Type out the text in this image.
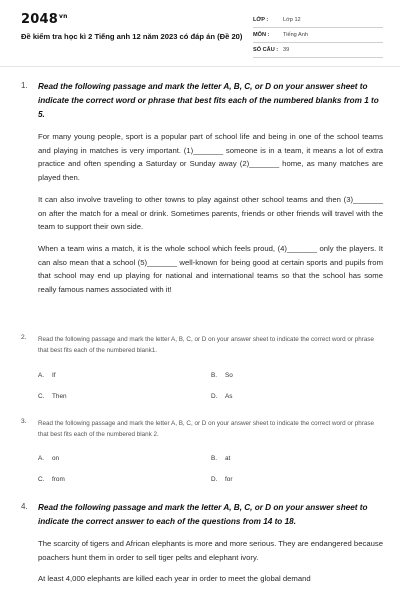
$2048^{vn}$
Đề kiểm tra học kì 2 Tiếng anh 12 năm 2023 có đáp án (Đề 20)
LỚP :	Lớp 12
MÔN : Tiếng Anh
SỐ CÂU : 39
1. Read the following passage and mark the letter A, B, C, or D on your answer sheet to indicate the correct word or phrase that best fits each of the numbered blanks from 1 to 5.

For many young people, sport is a popular part of school life and being in one of the school teams and playing in matches is very important. (1)_______ someone is in a team, it means a lot of extra practice and often spending a Saturday or Sunday away (2)_______ home, as many matches are played then.

It can also involve traveling to other towns to play against other school teams and then (3)_______ on after the match for a meal or drink. Sometimes parents, friends or other friends will travel with the team to support their own side.

When a team wins a match, it is the whole school which feels proud, (4)_______ only the players. It can also mean that a school (5)_______ well-known for being good at certain sports and pupils from that school may end up playing for national and international teams so that the school has some really famous names associated with it!

2. Read the following passage and mark the letter A, B, C, or D on your answer sheet to indicate the correct word or phrase that best fits each of the numbered blank1.
A. If	B. So
C. Then	D. As
3. Read the following passage and mark the letter A, B, C, or D on your answer sheet to indicate the correct word or phrase that best fits each of the numbered blank 2.
A. on	B. at
C. from	D. for
4. Read the following passage and mark the letter A, B, C, or D on your answer sheet to indicate the correct answer to each of the questions from 14 to 18.

The scarcity of tigers and African elephants is more and more serious. They are endangered because poachers hunt them in order to sell tiger pelts and elephant ivory.

At least 4,000 elephants are killed each year in order to meet the global demand
